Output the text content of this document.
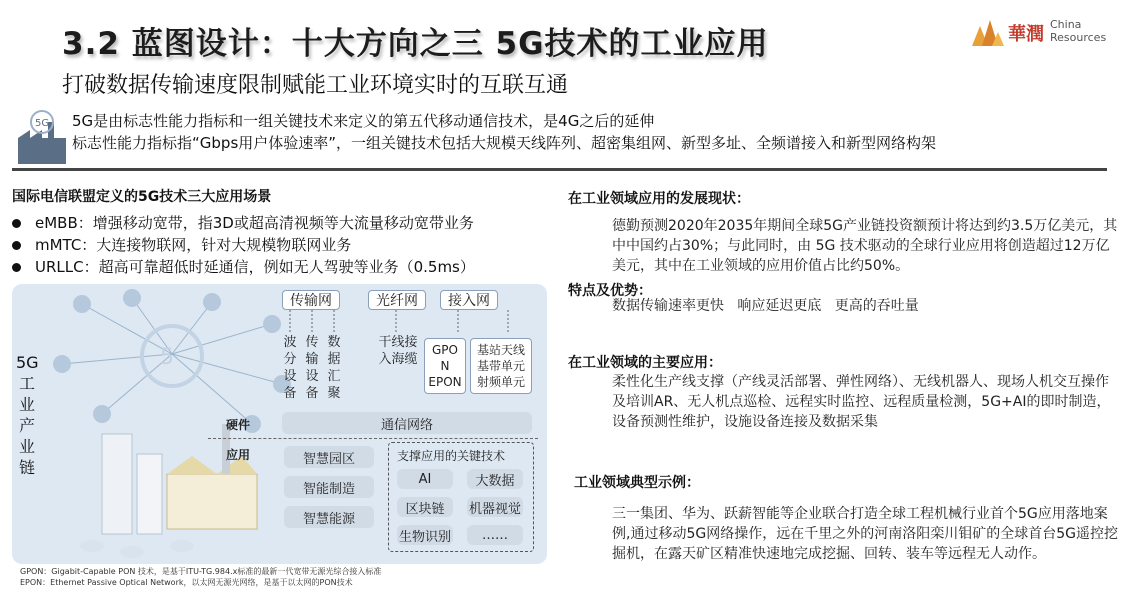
3.2 蓝图设计：十大方向之三 5G技术的工业应用
打破数据传输速度限制赋能工业环境实时的互联互通
華潤 China
Resources
5G 5G是由标志性能力指标和一组关键技术来定义的第五代移动通信技术，是4G之后的延伸
标志性能力指标指“Gbps用户体验速率”，一组关键技术包括大规模天线阵列、超密集组网、新型多址、全频谱接入和新型网络构架
国际电信联盟定义的5G技术三大应用场景
eMBB：增强移动宽带，指3D或超高清视频等大流量移动宽带业务
mMTC：大连接物联网，针对大规模物联网业务
URLLC：超高可靠超低时延通信，例如无人驾驶等业务（0.5ms）
5
传输网	光纤网	接入网
波分设备
传输设备
数据汇聚
干线接入海缆
GPO N EPON
基站天线 基带单元 射频单元
硬件	通信网络
应用	智慧园区
智能制造
智慧能源
支撑应用的关键技术
AI	大数据
区块链	机器视觉
生物识别	……
5G工业产业链
GPON：Gigabit-Capable PON 技术，是基于ITU-TG.984.x标准的最新一代宽带无源光综合接入标准
EPON：Ethernet Passive Optical Network，以太网无源光网络，是基于以太网的PON技术
在工业领域应用的发展现状：
德勤预测2020年2035年期间全球5G产业链投资额预计将达到约3.5万亿美元，其中中国约占30%；与此同时，由 5G 技术驱动的全球行业应用将创造超过12万亿美元，其中在工业领域的应用价值占比约50%。
特点及优势：
数据传输速率更快   响应延迟更底   更高的吞吐量
在工业领域的主要应用：
柔性化生产线支撑（产线灵活部署、弹性网络）、无线机器人、现场人机交互操作及培训AR、无人机点巡检、远程实时监控、远程质量检测，5G+AI的即时制造，设备预测性维护，设施设备连接及数据采集
工业领域典型示例：
三一集团、华为、跃薪智能等企业联合打造全球工程机械行业首个5G应用落地案例,通过移动5G网络操作，远在千里之外的河南洛阳栾川钼矿的全球首台5G遥控挖掘机，在露天矿区精准快速地完成挖掘、回转、装车等远程无人动作。
